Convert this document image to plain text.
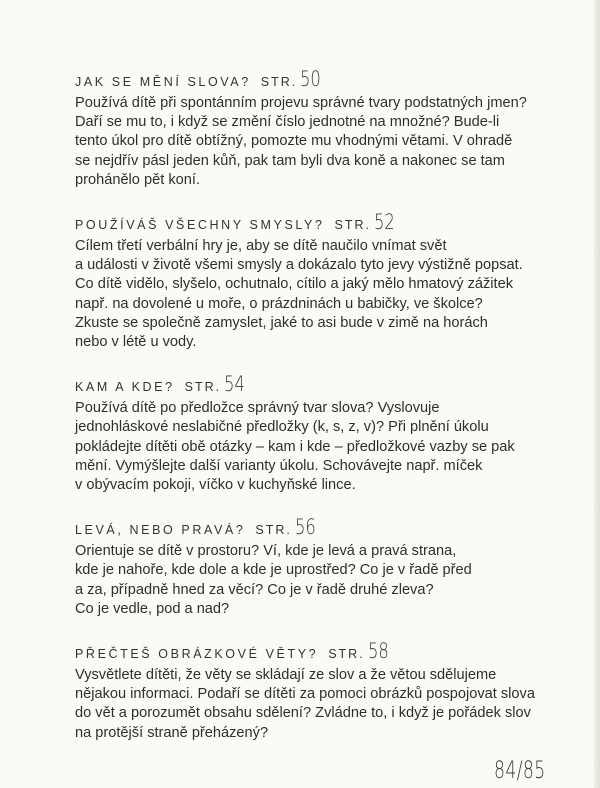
JAK SE MĚNÍ SLOVA? STR. 50
Používá dítě při spontánním projevu správné tvary podstatných jmen?
Daří se mu to, i když se změní číslo jednotné na množné? Bude-li
tento úkol pro dítě obtížný, pomozte mu vhodnými větami. V ohradě
se nejdřív pásl jeden kůň, pak tam byli dva koně a nakonec se tam
prohánělo pět koní.
POUŽÍVÁŠ VŠECHNY SMYSLY? STR. 52
Cílem třetí verbální hry je, aby se dítě naučilo vnímat svět
a události v životě všemi smysly a dokázalo tyto jevy výstižně popsat.
Co dítě vidělo, slyšelo, ochutnalo, cítilo a jaký mělo hmatový zážitek
např. na dovolené u moře, o prázdninách u babičky, ve školce?
Zkuste se společně zamyslet, jaké to asi bude v zimě na horách
nebo v létě u vody.
KAM A KDE? STR. 54
Používá dítě po předložce správný tvar slova? Vyslovuje
jednohláskové neslabičné předložky (k, s, z, v)? Při plnění úkolu
pokládejte dítěti obě otázky – kam i kde – předložkové vazby se pak
mění. Vymýšlejte další varianty úkolu. Schovávejte např. míček
v obývacím pokoji, víčko v kuchyňské lince.
LEVÁ, NEBO PRAVÁ? STR. 56
Orientuje se dítě v prostoru? Ví, kde je levá a pravá strana,
kde je nahoře, kde dole a kde je uprostřed? Co je v řadě před
a za, případně hned za věcí? Co je v řadě druhé zleva?
Co je vedle, pod a nad?
PŘEČTEŠ OBRÁZKOVÉ VĚTY? STR. 58
Vysvětlete dítěti, že věty se skládají ze slov a že větou sdělujeme
nějakou informaci. Podaří se dítěti za pomoci obrázků pospojovat slova
do vět a porozumět obsahu sdělení? Zvládne to, i když je pořádek slov
na protější straně přeházený?
84/85
